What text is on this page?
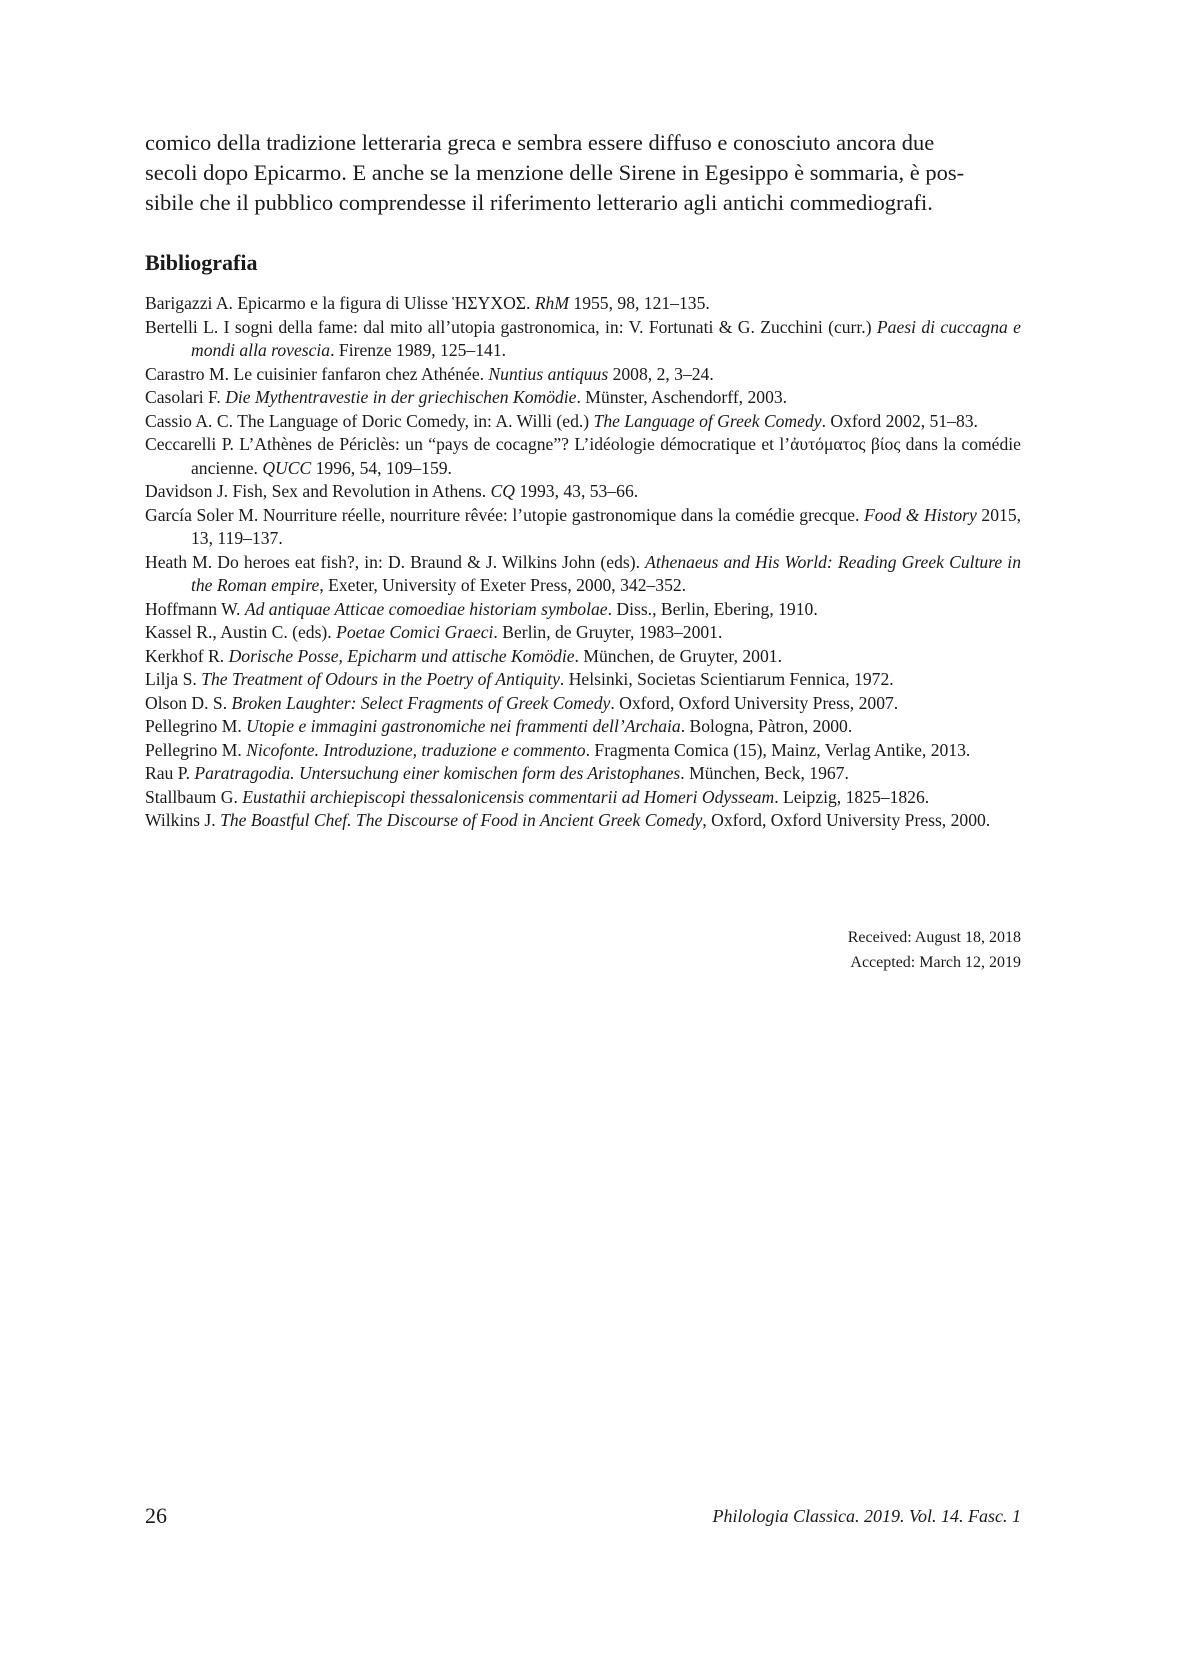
comico della tradizione letteraria greca e sembra essere diffuso e conosciuto ancora due
secoli dopo Epicarmo. E anche se la menzione delle Sirene in Egesippo è sommaria, è pos-
sibile che il pubblico comprendesse il riferimento letterario agli antichi commediografi.

Bibliografia
Barigazzi A. Epicarmo e la figura di Ulisse ἩΣΥΧΟΣ. RhM 1955, 98, 121–135.
Bertelli L. I sogni della fame: dal mito all’utopia gastronomica, in: V. Fortunati & G. Zucchini (curr.) Paesi di cuccagna e mondi alla rovescia. Firenze 1989, 125–141.
Carastro M. Le cuisinier fanfaron chez Athénée. Nuntius antiquus 2008, 2, 3–24.
Casolari F. Die Mythentravestie in der griechischen Komödie. Münster, Aschendorff, 2003.
Cassio A. C. The Language of Doric Comedy, in: A. Willi (ed.) The Language of Greek Comedy. Oxford 2002, 51–83.
Ceccarelli P. L’Athènes de Périclès: un “pays de cocagne”? L’idéologie démocratique et l’ἀυτόματος βίος dans la comédie ancienne. QUCC 1996, 54, 109–159.
Davidson J. Fish, Sex and Revolution in Athens. CQ 1993, 43, 53–66.
García Soler M. Nourriture réelle, nourriture rêvée: l’utopie gastronomique dans la comédie grecque. Food & History 2015, 13, 119–137.
Heath M. Do heroes eat fish?, in: D. Braund & J. Wilkins John (eds). Athenaeus and His World: Reading Greek Culture in the Roman empire, Exeter, University of Exeter Press, 2000, 342–352.
Hoffmann W. Ad antiquae Atticae comoediae historiam symbolae. Diss., Berlin, Ebering, 1910.
Kassel R., Austin C. (eds). Poetae Comici Graeci. Berlin, de Gruyter, 1983–2001.
Kerkhof R. Dorische Posse, Epicharm und attische Komödie. München, de Gruyter, 2001.
Lilja S. The Treatment of Odours in the Poetry of Antiquity. Helsinki, Societas Scientiarum Fennica, 1972.
Olson D. S. Broken Laughter: Select Fragments of Greek Comedy. Oxford, Oxford University Press, 2007.
Pellegrino M. Utopie e immagini gastronomiche nei frammenti dell’Archaia. Bologna, Pàtron, 2000.
Pellegrino M. Nicofonte. Introduzione, traduzione e commento. Fragmenta Comica (15), Mainz, Verlag Antike, 2013.
Rau P. Paratragodia. Untersuchung einer komischen form des Aristophanes. München, Beck, 1967.
Stallbaum G. Eustathii archiepiscopi thessalonicensis commentarii ad Homeri Odysseam. Leipzig, 1825–1826.
Wilkins J. The Boastful Chef. The Discourse of Food in Ancient Greek Comedy, Oxford, Oxford University Press, 2000.
Received: August 18, 2018
Accepted: March 12, 2019
26	Philologia Classica. 2019. Vol. 14. Fasc. 1
